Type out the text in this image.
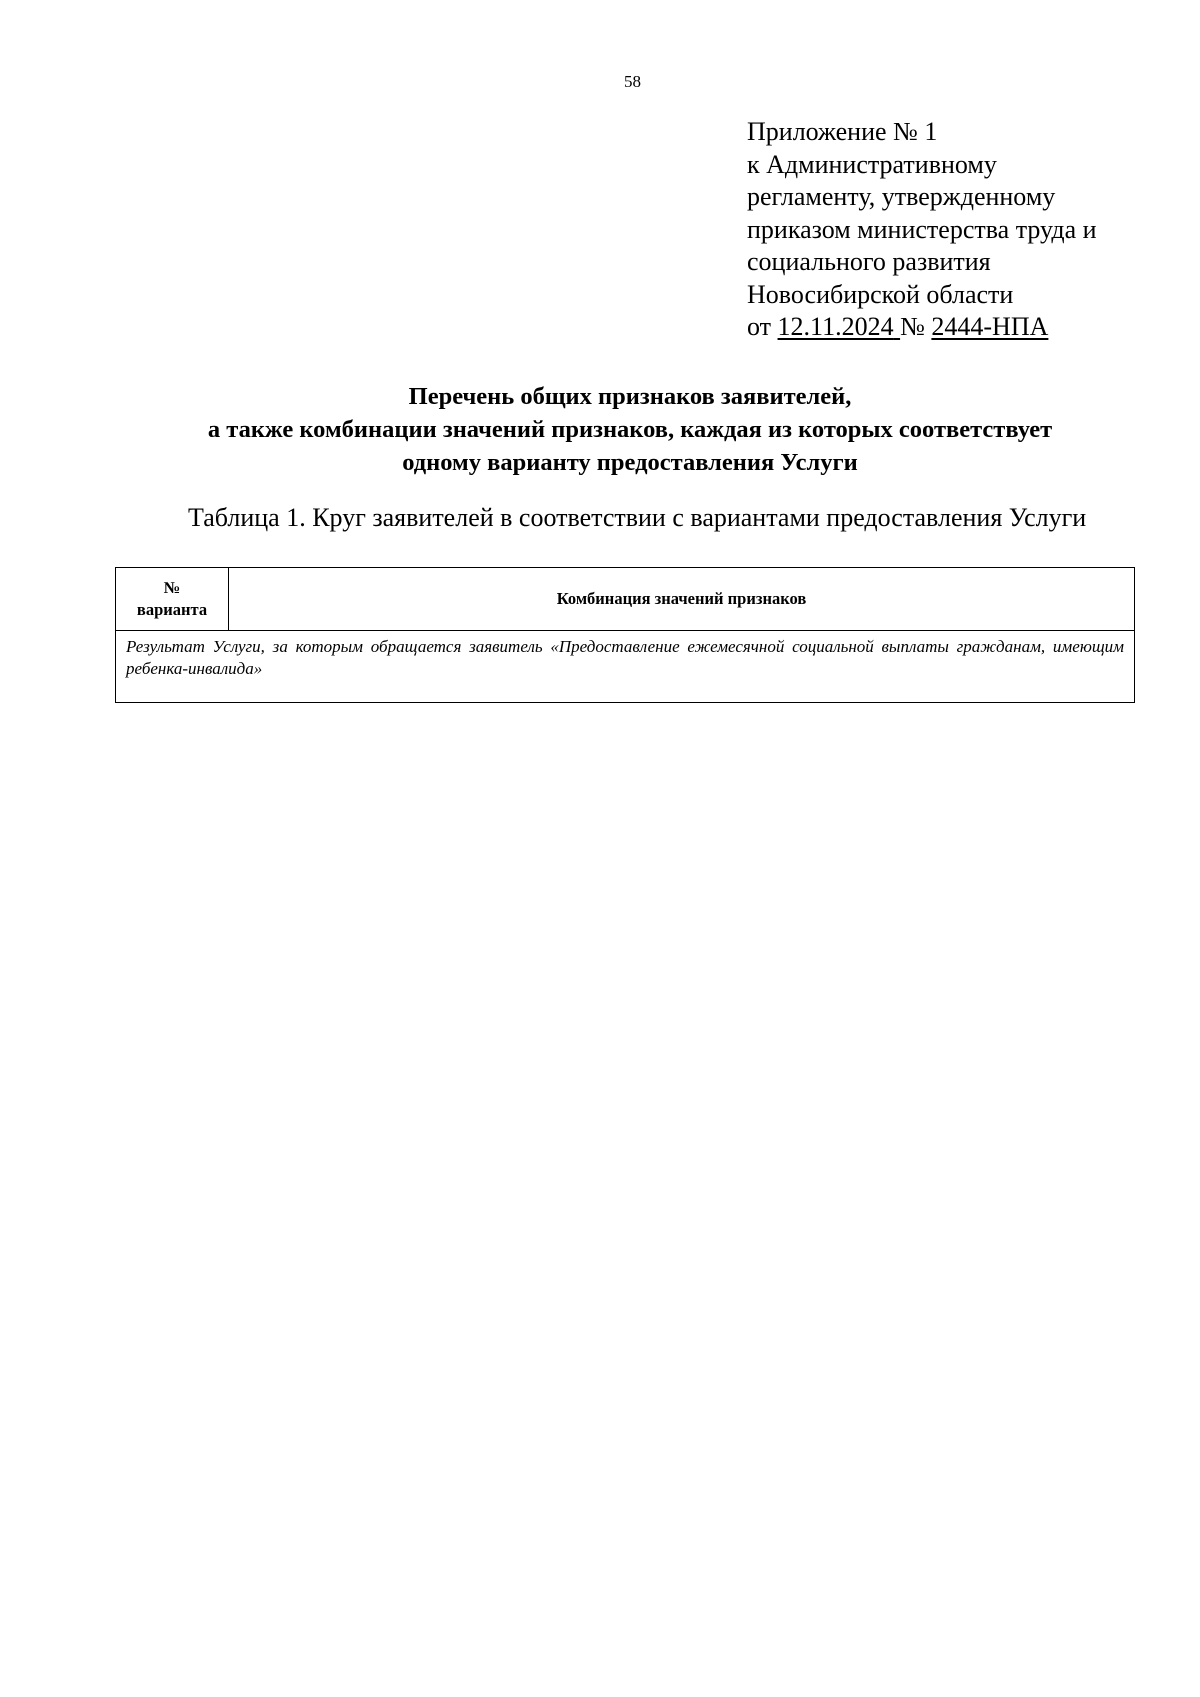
58
Приложение № 1
к Административному
регламенту, утвержденному
приказом министерства труда и
социального развития
Новосибирской области
от 12.11.2024 № 2444-НПА
Перечень общих признаков заявителей,
а также комбинации значений признаков, каждая из которых соответствует
одному варианту предоставления Услуги
Таблица 1. Круг заявителей в соответствии с вариантами предоставления Услуги
№
варианта
	Комбинация значений признаков
Результат Услуги, за которым обращается заявитель «Предоставление ежемесячной социальной выплаты гражданам, имеющим ребенка-инвалида»
